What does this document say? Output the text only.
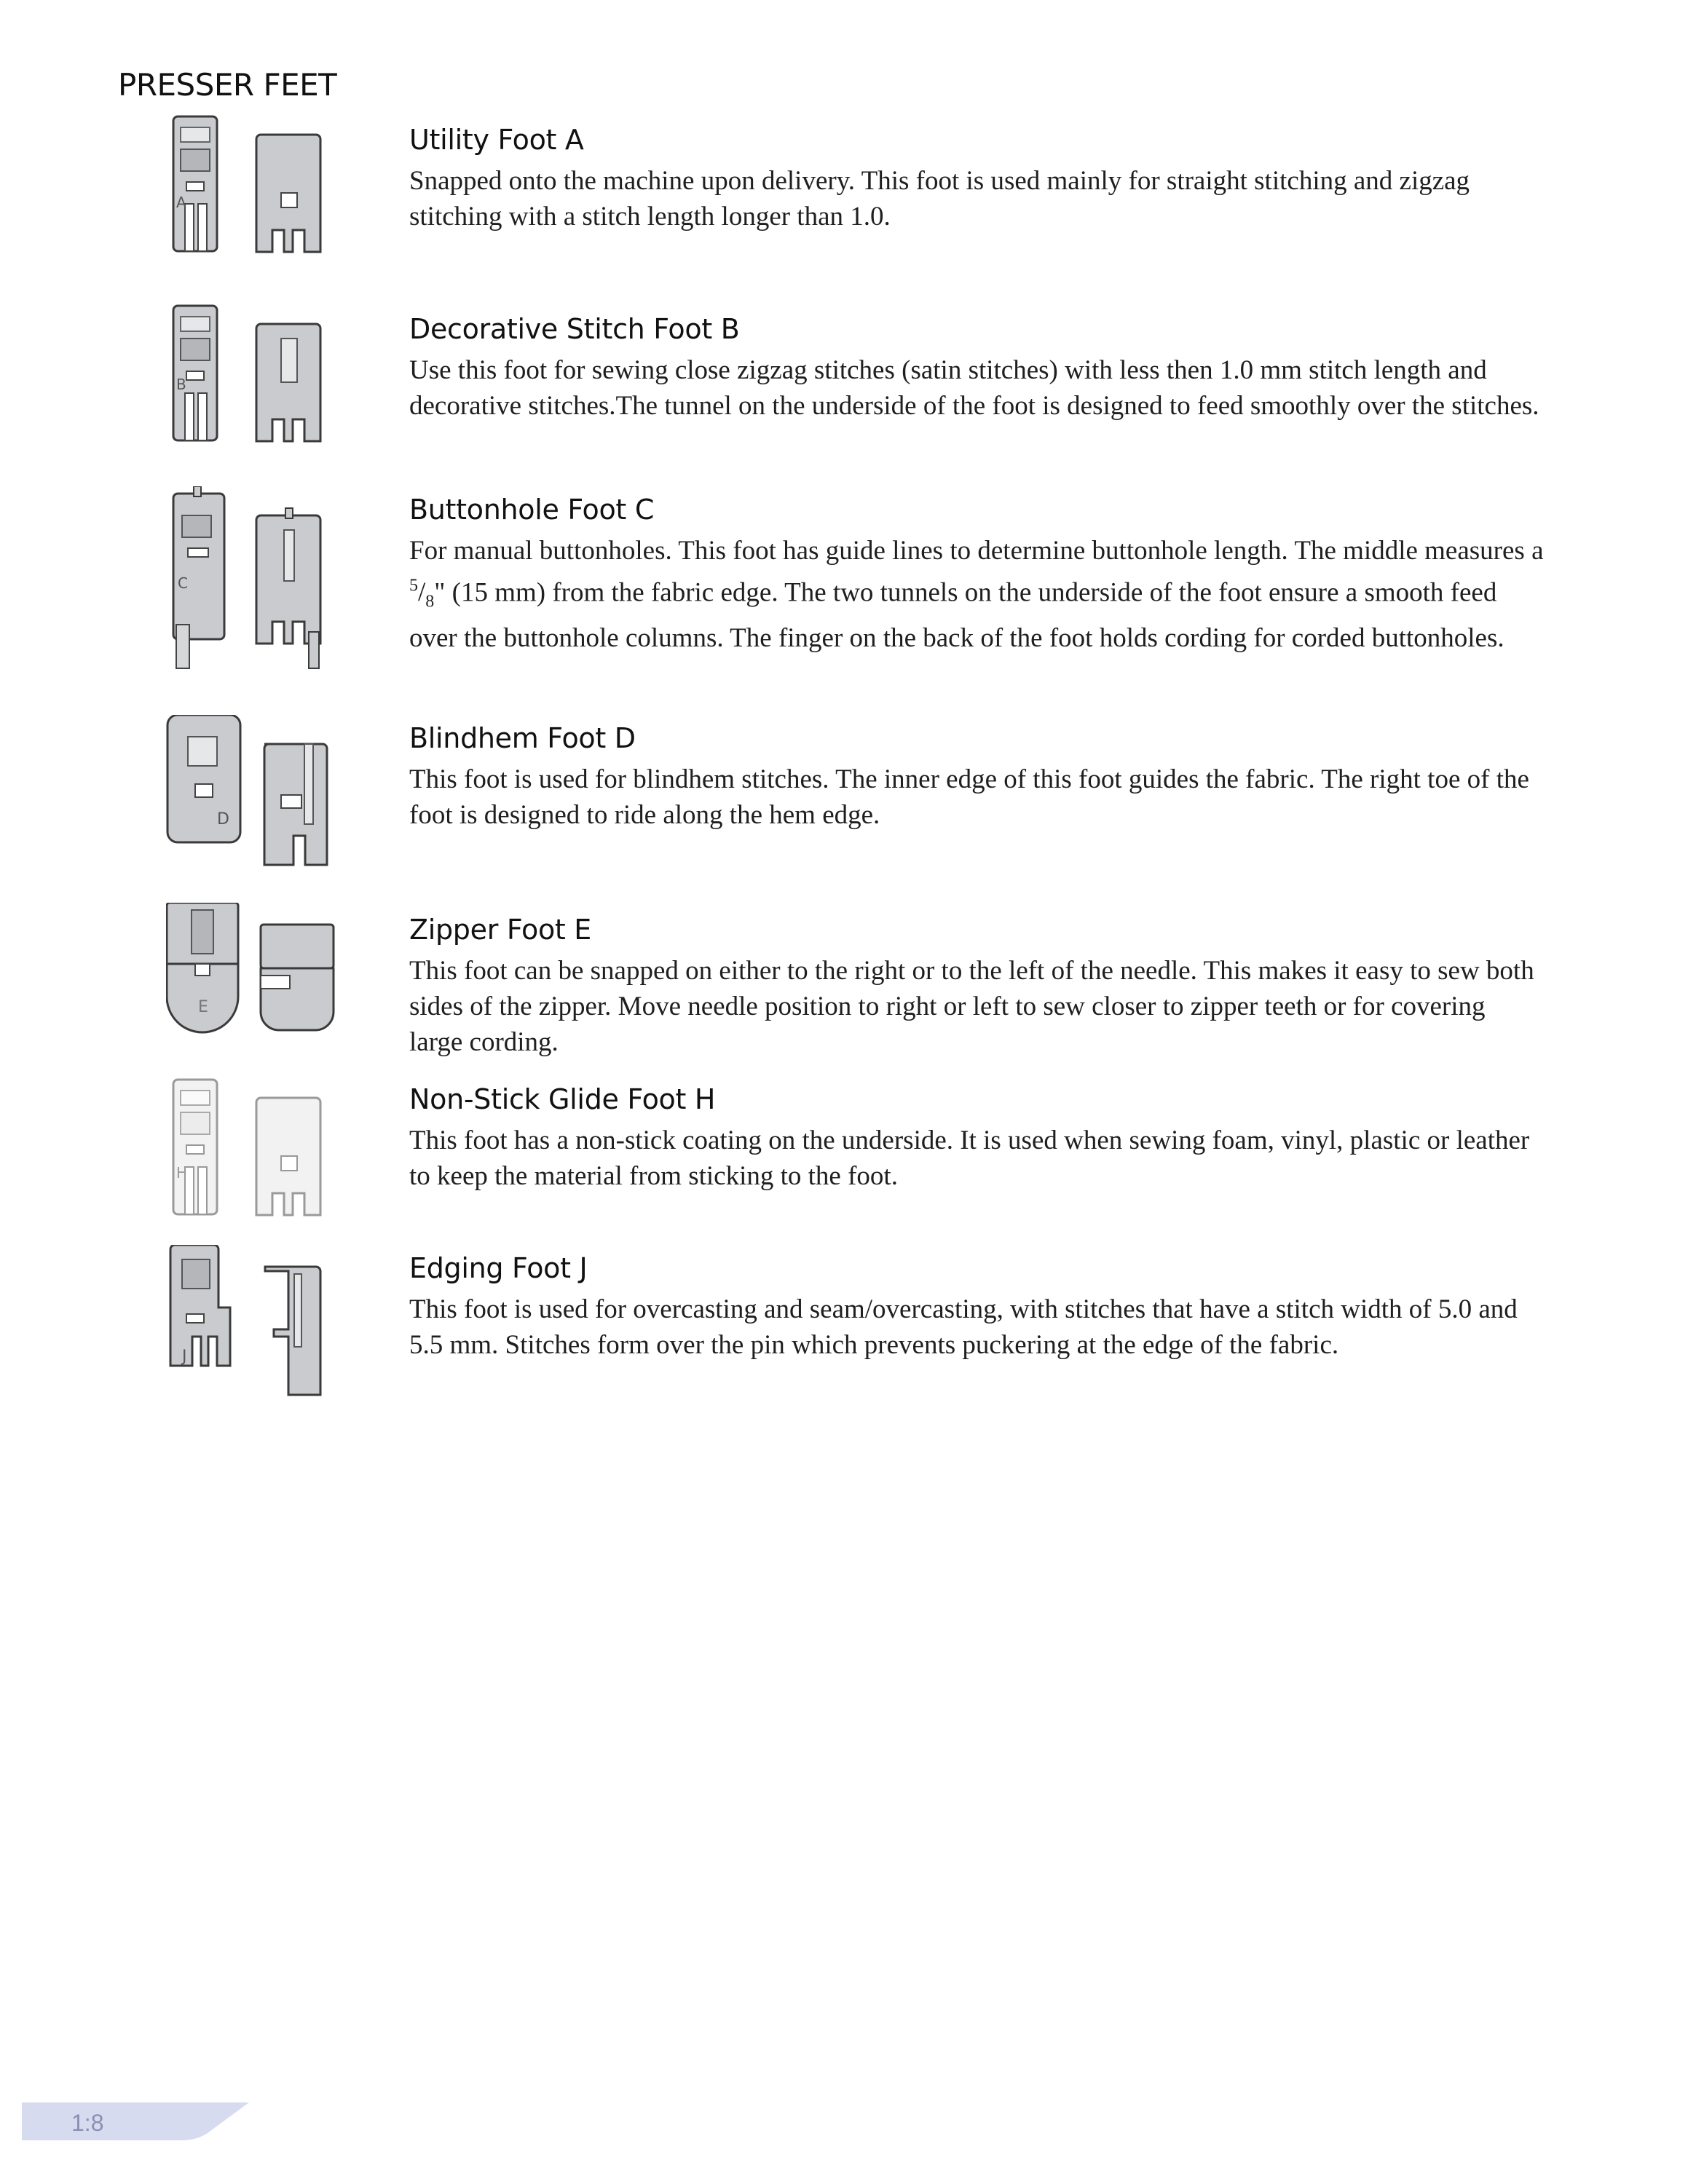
PRESSER FEET
A
Utility Foot A

Snapped onto the machine upon delivery. This foot is used mainly for straight stitching and zigzag stitching with a stitch length longer than 1.0.

B
Decorative Stitch Foot B

Use this foot for sewing close zigzag stitches (satin stitches) with less then 1.0 mm stitch length and decorative stitches.The tunnel on the underside of the foot is designed to feed smoothly over the stitches.

C
Buttonhole Foot C

For manual buttonholes. This foot has guide lines to determine buttonhole length. The middle measures a $^5/_8$" (15 mm) from the fabric edge. The two tunnels on the underside of the foot ensure a smooth feed over the buttonhole columns. The finger on the back of the foot holds cording for corded buttonholes.

D
Blindhem Foot D

This foot is used for blindhem stitches. The inner edge of this foot guides the fabric. The right toe of the foot is designed to ride along the hem edge.

E
Zipper Foot E

This foot can be snapped on either to the right or to the left of the needle. This makes it easy to sew both sides of the zipper. Move needle position to right or left to sew closer to zipper teeth or for covering large cording.

H
Non-Stick Glide Foot H

This foot has a non-stick coating on the underside. It is used when sewing foam, vinyl, plastic or leather to keep the material from sticking to the foot.

J
Edging Foot J

This foot is used for overcasting and seam/overcasting, with stitches that have a stitch width of 5.0 and 5.5 mm. Stitches form over the pin which prevents puckering at the edge of the fabric.

1:8
